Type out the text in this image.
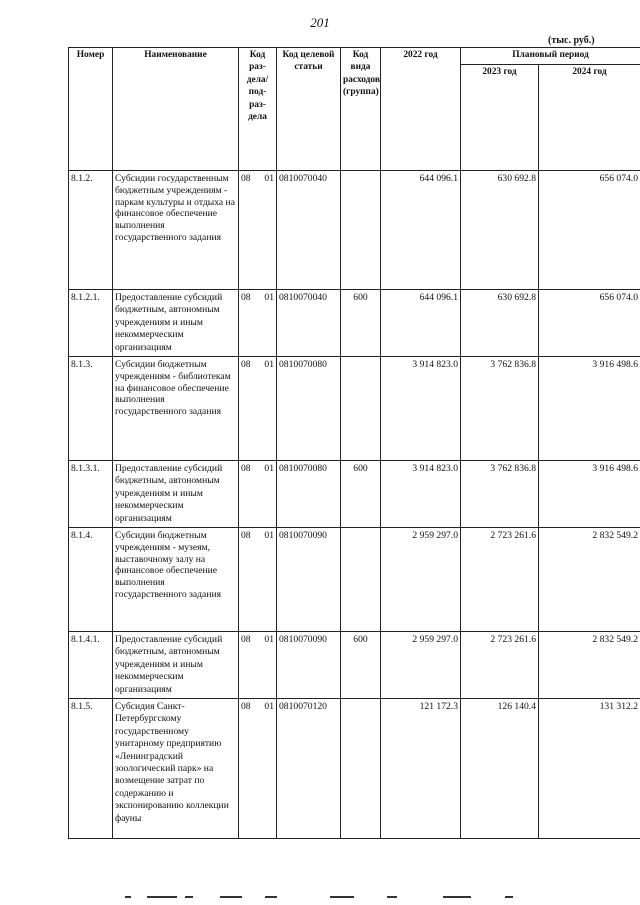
201
(тыс. руб.)
Номер	Наименование	Код раз- дела/ под- раз- дела	Код целевой статьи	Код вида расходов (группа)	2022 год	Плановый период	
						2023 год	2024 год
8.1.2.	Субсидии государственным бюджетным учреждениям - паркам культуры и отдыха на финансовое обеспечение выполнения государственного задания	08 01	0810070040		644 096.1	630 692.8	656 074.0
8.1.2.1.	Предоставление субсидий бюджетным, автономным учреждениям и иным некоммерческим организациям	08 01	0810070040	600	644 096.1	630 692.8	656 074.0
8.1.3.	Субсидии бюджетным учреждениям - библиотекам на финансовое обеспечение выполнения государственного задания	08 01	0810070080		3 914 823.0	3 762 836.8	3 916 498.6
8.1.3.1.	Предоставление субсидий бюджетным, автономным учреждениям и иным некоммерческим организациям	08 01	0810070080	600	3 914 823.0	3 762 836.8	3 916 498.6
8.1.4.	Субсидии бюджетным учреждениям - музеям, выставочному залу на финансовое обеспечение выполнения государственного задания	08 01	0810070090		2 959 297.0	2 723 261.6	2 832 549.2
8.1.4.1.	Предоставление субсидий бюджетным, автономным учреждениям и иным некоммерческим организациям	08 01	0810070090	600	2 959 297.0	2 723 261.6	2 832 549.2
8.1.5.	Субсидия Санкт-Петербургскому государственному унитарному предприятию «Ленинградский зоологический парк» на возмещение затрат по содержанию и экспонированию коллекции фауны	08 01	0810070120		121 172.3	126 140.4	131 312.2
